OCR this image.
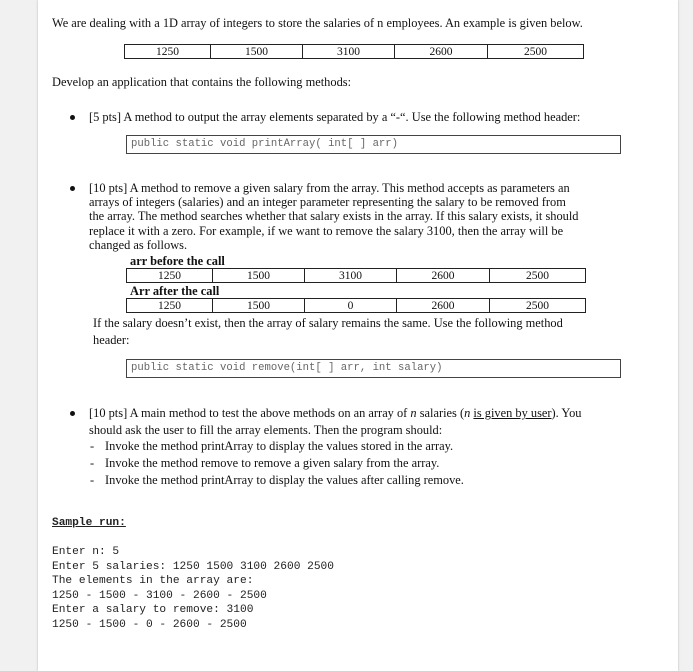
We are dealing with a 1D array of integers to store the salaries of n employees. An example is given below.
1250	1500	3100	2600	2500
Develop an application that contains the following methods:
[5 pts] A method to output the array elements separated by a “-“. Use the following method header:
public static void printArray( int[ ] arr)
[10 pts] A method to remove a given salary from the array. This method accepts as parameters an
arrays of integers (salaries) and an integer parameter representing the salary to be removed from
the array. The method searches whether that salary exists in the array. If this salary exists, it should
replace it with a zero. For example, if we want to remove the salary 3100, then the array will be
changed as follows.
arr before the call
1250	1500	3100	2600	2500
Arr after the call
1250	1500	0	2600	2500
If the salary doesn’t exist, then the array of salary remains the same. Use the following method
header:
public static void remove(int[ ] arr, int salary)
[10 pts] A main method to test the above methods on an array of n salaries (n is given by user). You
should ask the user to fill the array elements. Then the program should:
- Invoke the method printArray to display the values stored in the array.
- Invoke the method remove to remove a given salary from the array.
- Invoke the method printArray to display the values after calling remove.
Sample run:
Enter n: 5
Enter 5 salaries: 1250 1500 3100 2600 2500
The elements in the array are:
1250 - 1500 - 3100 - 2600 - 2500
Enter a salary to remove: 3100
1250 - 1500 - 0 - 2600 - 2500
